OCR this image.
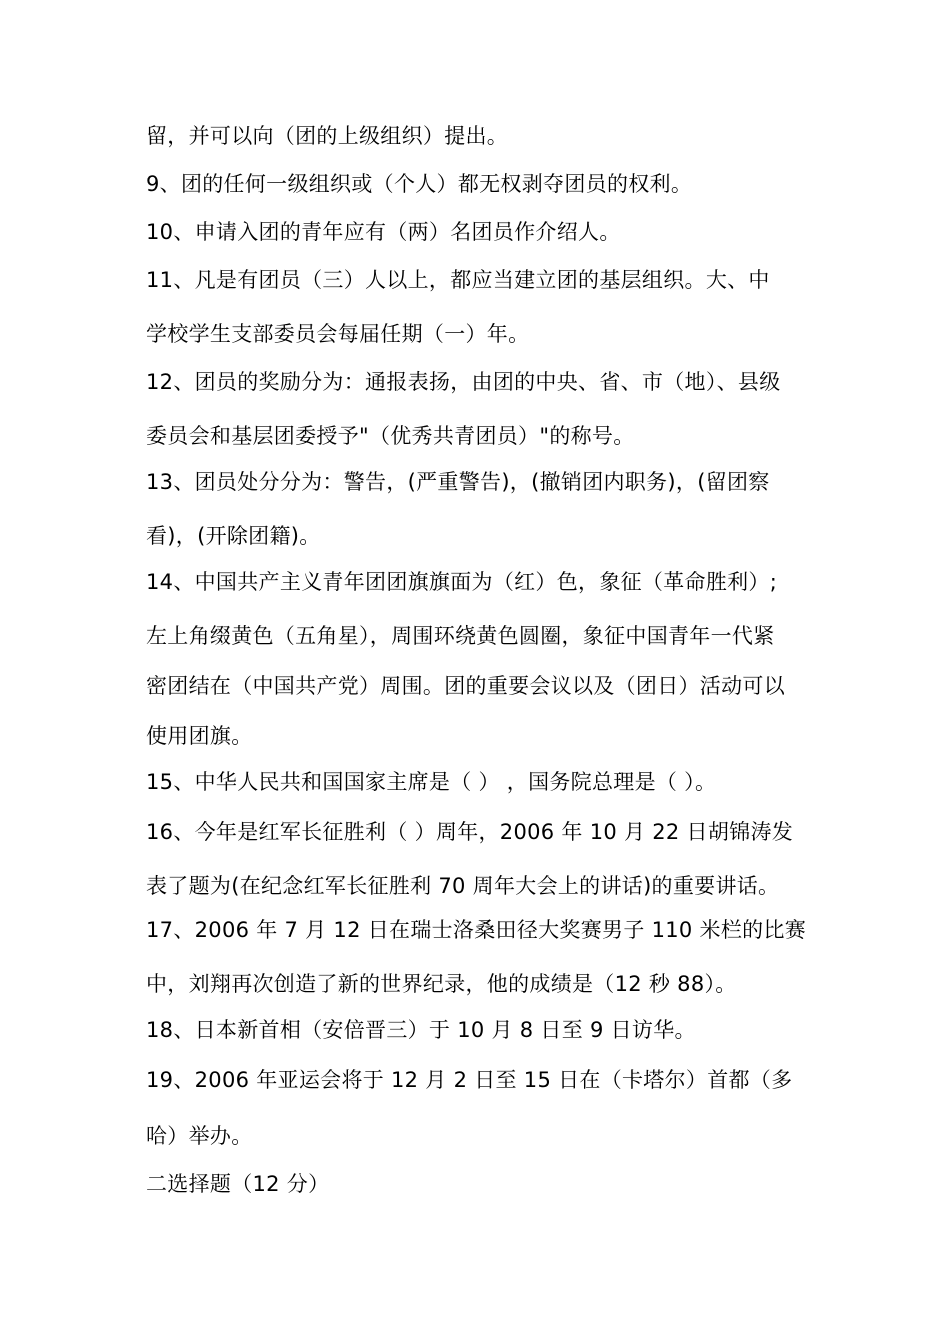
留，并可以向（团的上级组织）提出。
9、团的任何一级组织或（个人）都无权剥夺团员的权利。
10、申请入团的青年应有（两）名团员作介绍人。
11、凡是有团员（三）人以上，都应当建立团的基层组织。大、中
学校学生支部委员会每届任期（一）年。
12、团员的奖励分为：通报表扬，由团的中央、省、市（地）、县级
委员会和基层团委授予"（优秀共青团员）"的称号。
13、团员处分分为：警告，(严重警告)，(撤销团内职务)，(留团察
看)，(开除团籍)。
14、中国共产主义青年团团旗旗面为（红）色，象征（革命胜利）;
左上角缀黄色（五角星），周围环绕黄色圆圈，象征中国青年一代紧
密团结在（中国共产党）周围。团的重要会议以及（团日）活动可以
使用团旗。
15、中华人民共和国国家主席是（ ） ，国务院总理是（ ）。
16、今年是红军长征胜利（ ）周年，2006 年 10 月 22 日胡锦涛发
表了题为(在纪念红军长征胜利 70 周年大会上的讲话)的重要讲话。
17、2006 年 7 月 12 日在瑞士洛桑田径大奖赛男子 110 米栏的比赛
中，刘翔再次创造了新的世界纪录，他的成绩是（12 秒 88）。
18、日本新首相（安倍晋三）于 10 月 8 日至 9 日访华。
19、2006 年亚运会将于 12 月 2 日至 15 日在（卡塔尔）首都（多
哈）举办。
二选择题（12 分）
